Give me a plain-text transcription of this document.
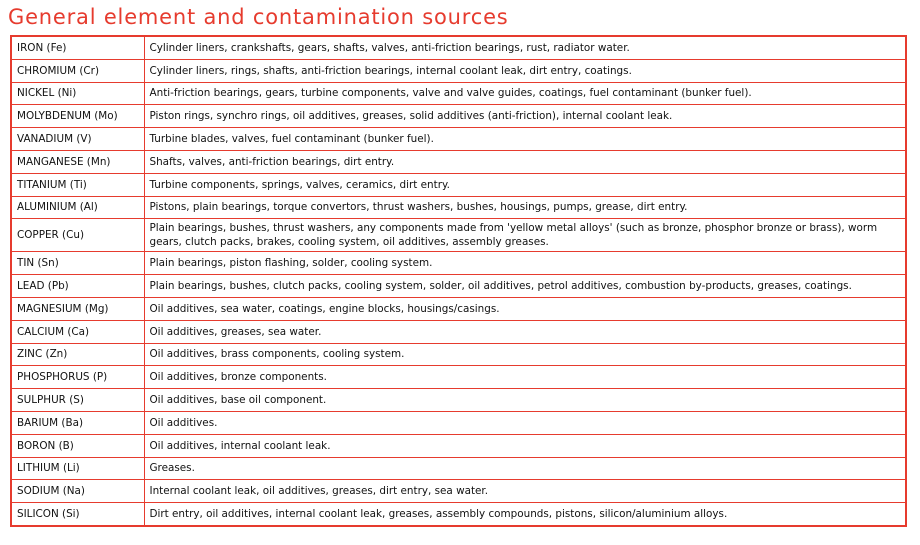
General element and contamination sources
IRON (Fe)	Cylinder liners, crankshafts, gears, shafts, valves, anti-friction bearings, rust, radiator water.
CHROMIUM (Cr)	Cylinder liners, rings, shafts, anti-friction bearings, internal coolant leak, dirt entry, coatings.
NICKEL (Ni)	Anti-friction bearings, gears, turbine components, valve and valve guides, coatings, fuel contaminant (bunker fuel).
MOLYBDENUM (Mo)	Piston rings, synchro rings, oil additives, greases, solid additives (anti-friction), internal coolant leak.
VANADIUM (V)	Turbine blades, valves, fuel contaminant (bunker fuel).
MANGANESE (Mn)	Shafts, valves, anti-friction bearings, dirt entry.
TITANIUM (Ti)	Turbine components, springs, valves, ceramics, dirt entry.
ALUMINIUM (Al)	Pistons, plain bearings, torque convertors, thrust washers, bushes, housings, pumps, grease, dirt entry.
COPPER (Cu)	Plain bearings, bushes, thrust washers, any components made from 'yellow metal alloys' (such as bronze, phosphor bronze or brass), worm gears, clutch packs, brakes, cooling system, oil additives, assembly greases.
TIN (Sn)	Plain bearings, piston flashing, solder, cooling system.
LEAD (Pb)	Plain bearings, bushes, clutch packs, cooling system, solder, oil additives, petrol additives, combustion by-products, greases, coatings.
MAGNESIUM (Mg)	Oil additives, sea water, coatings, engine blocks, housings/casings.
CALCIUM (Ca)	Oil additives, greases, sea water.
ZINC (Zn)	Oil additives, brass components, cooling system.
PHOSPHORUS (P)	Oil additives, bronze components.
SULPHUR (S)	Oil additives, base oil component.
BARIUM (Ba)	Oil additives.
BORON (B)	Oil additives, internal coolant leak.
LITHIUM (Li)	Greases.
SODIUM (Na)	Internal coolant leak, oil additives, greases, dirt entry, sea water.
SILICON (Si)	Dirt entry, oil additives, internal coolant leak, greases, assembly compounds, pistons, silicon/aluminium alloys.
